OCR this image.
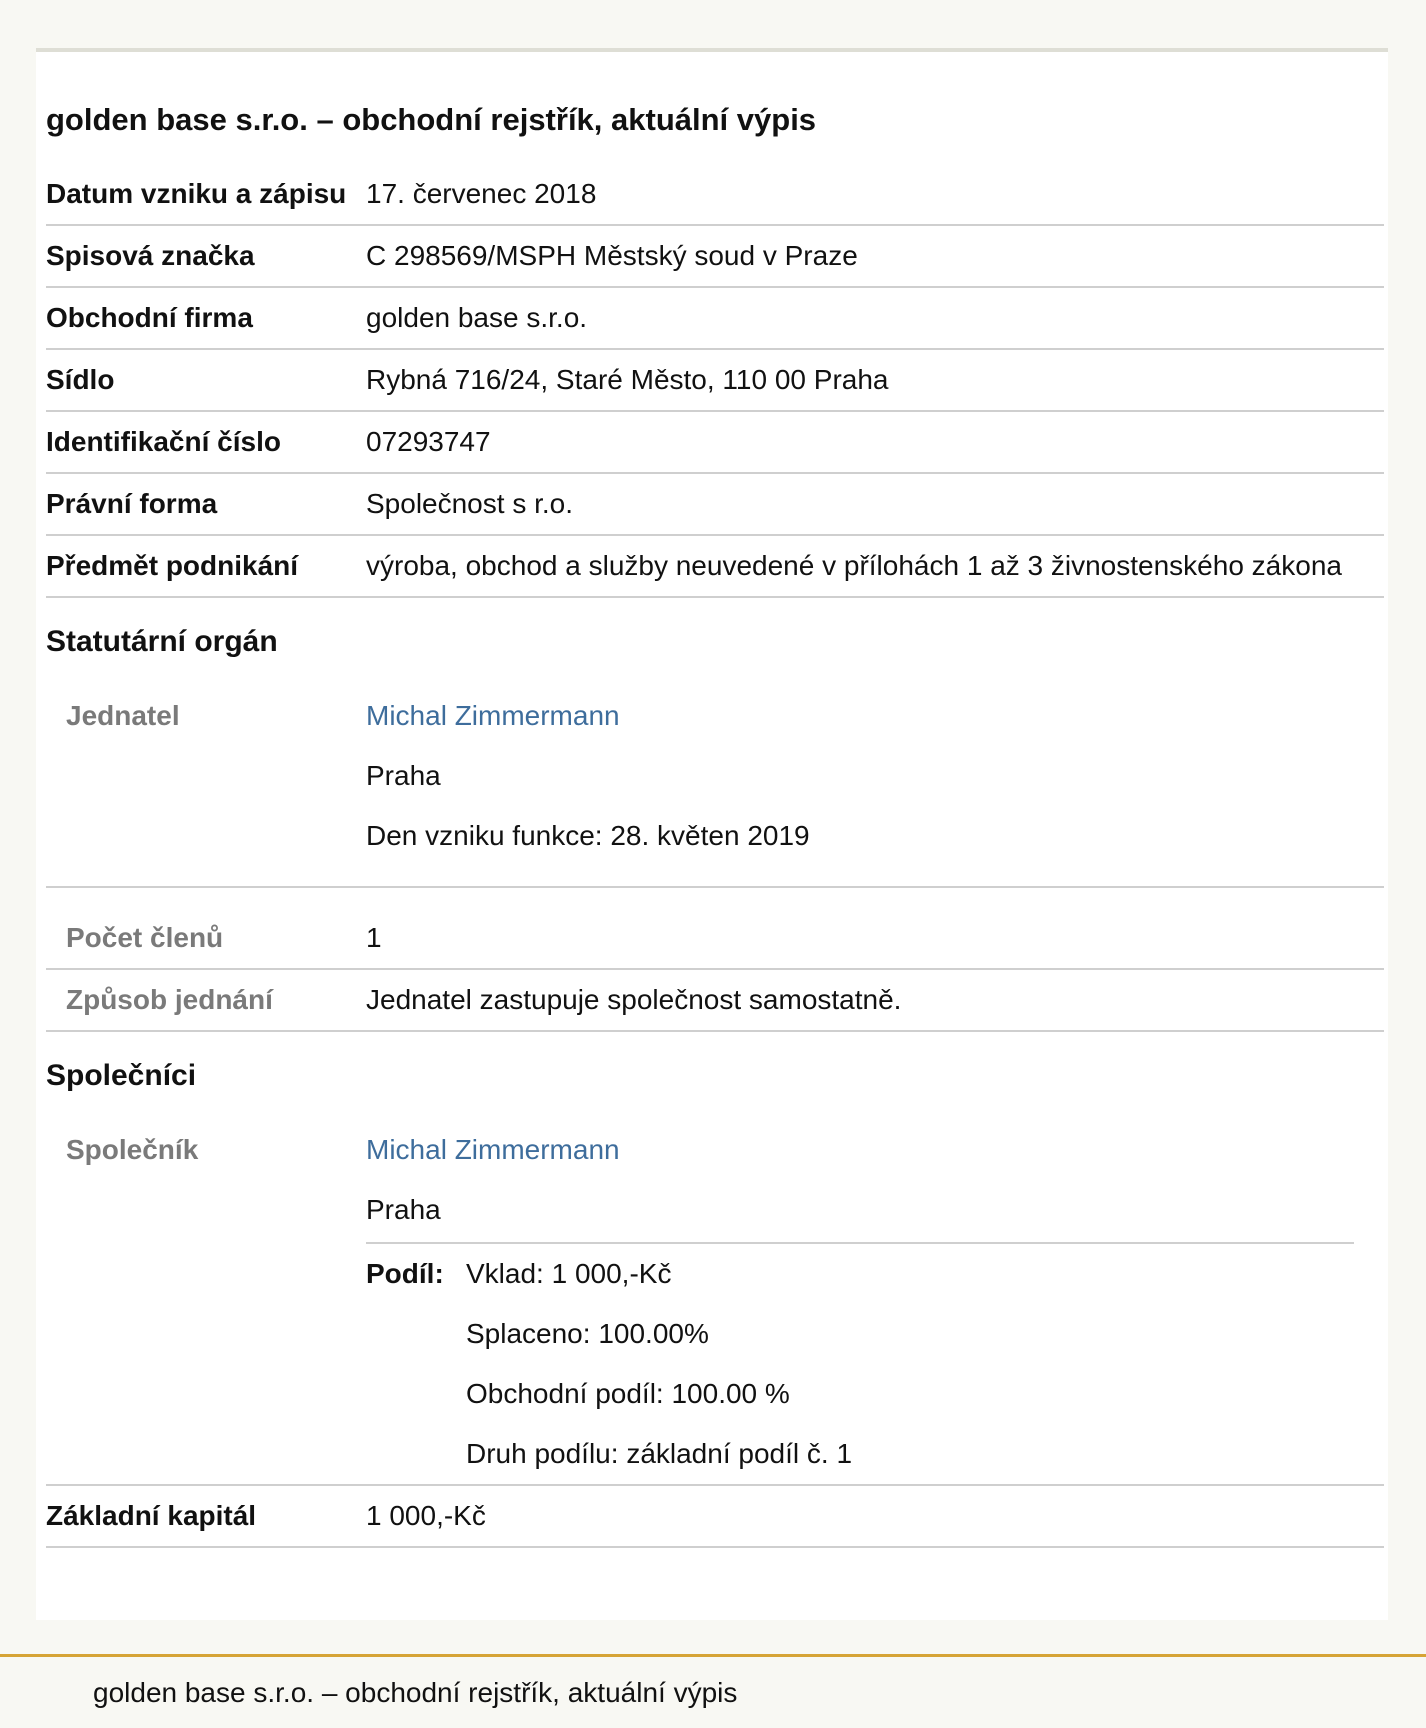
golden base s.r.o. – obchodní rejstřík, aktuální výpis
Datum vzniku a zápisu 17. červenec 2018
Spisová značka	C 298569/MSPH Městský soud v Praze
Obchodní firma	golden base s.r.o.
Sídlo	Rybná 716/24, Staré Město, 110 00 Praha
Identifikační číslo	07293747
Právní forma	Společnost s r.o.
Předmět podnikání	výroba, obchod a služby neuvedené v přílohách 1 až 3 živnostenského zákona
Statutární orgán
Jednatel	Michal Zimmermann
Praha
Den vzniku funkce: 28. květen 2019
Počet členů	1
Způsob jednání	Jednatel zastupuje společnost samostatně.
Společníci
Společník	Michal Zimmermann
Praha
Podíl: Vklad: 1 000,-Kč
Splaceno: 100.00%
Obchodní podíl: 100.00 %
Druh podílu: základní podíl č. 1
Základní kapitál	1 000,-Kč
golden base s.r.o. – obchodní rejstřík, aktuální výpis
